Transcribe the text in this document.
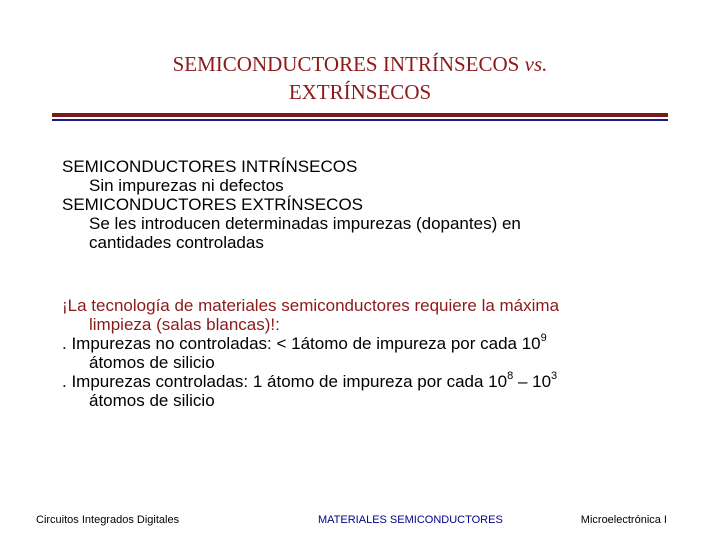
SEMICONDUCTORES INTRÍNSECOS vs.
EXTRÍNSECOS
SEMICONDUCTORES INTRÍNSECOS
Sin impurezas ni defectos
SEMICONDUCTORES EXTRÍNSECOS
Se les introducen determinadas impurezas (dopantes) en
cantidades controladas
¡La tecnología de materiales semiconductores requiere la máxima
limpieza (salas blancas)!:
. Impurezas no controladas: < 1átomo de impureza por cada $10^9$
átomos de silicio
. Impurezas controladas: 1 átomo de impureza por cada $10^8 - 10^3$
átomos de silicio
Circuitos Integrados Digitales	MATERIALES SEMICONDUCTORES	Microelectrónica I
